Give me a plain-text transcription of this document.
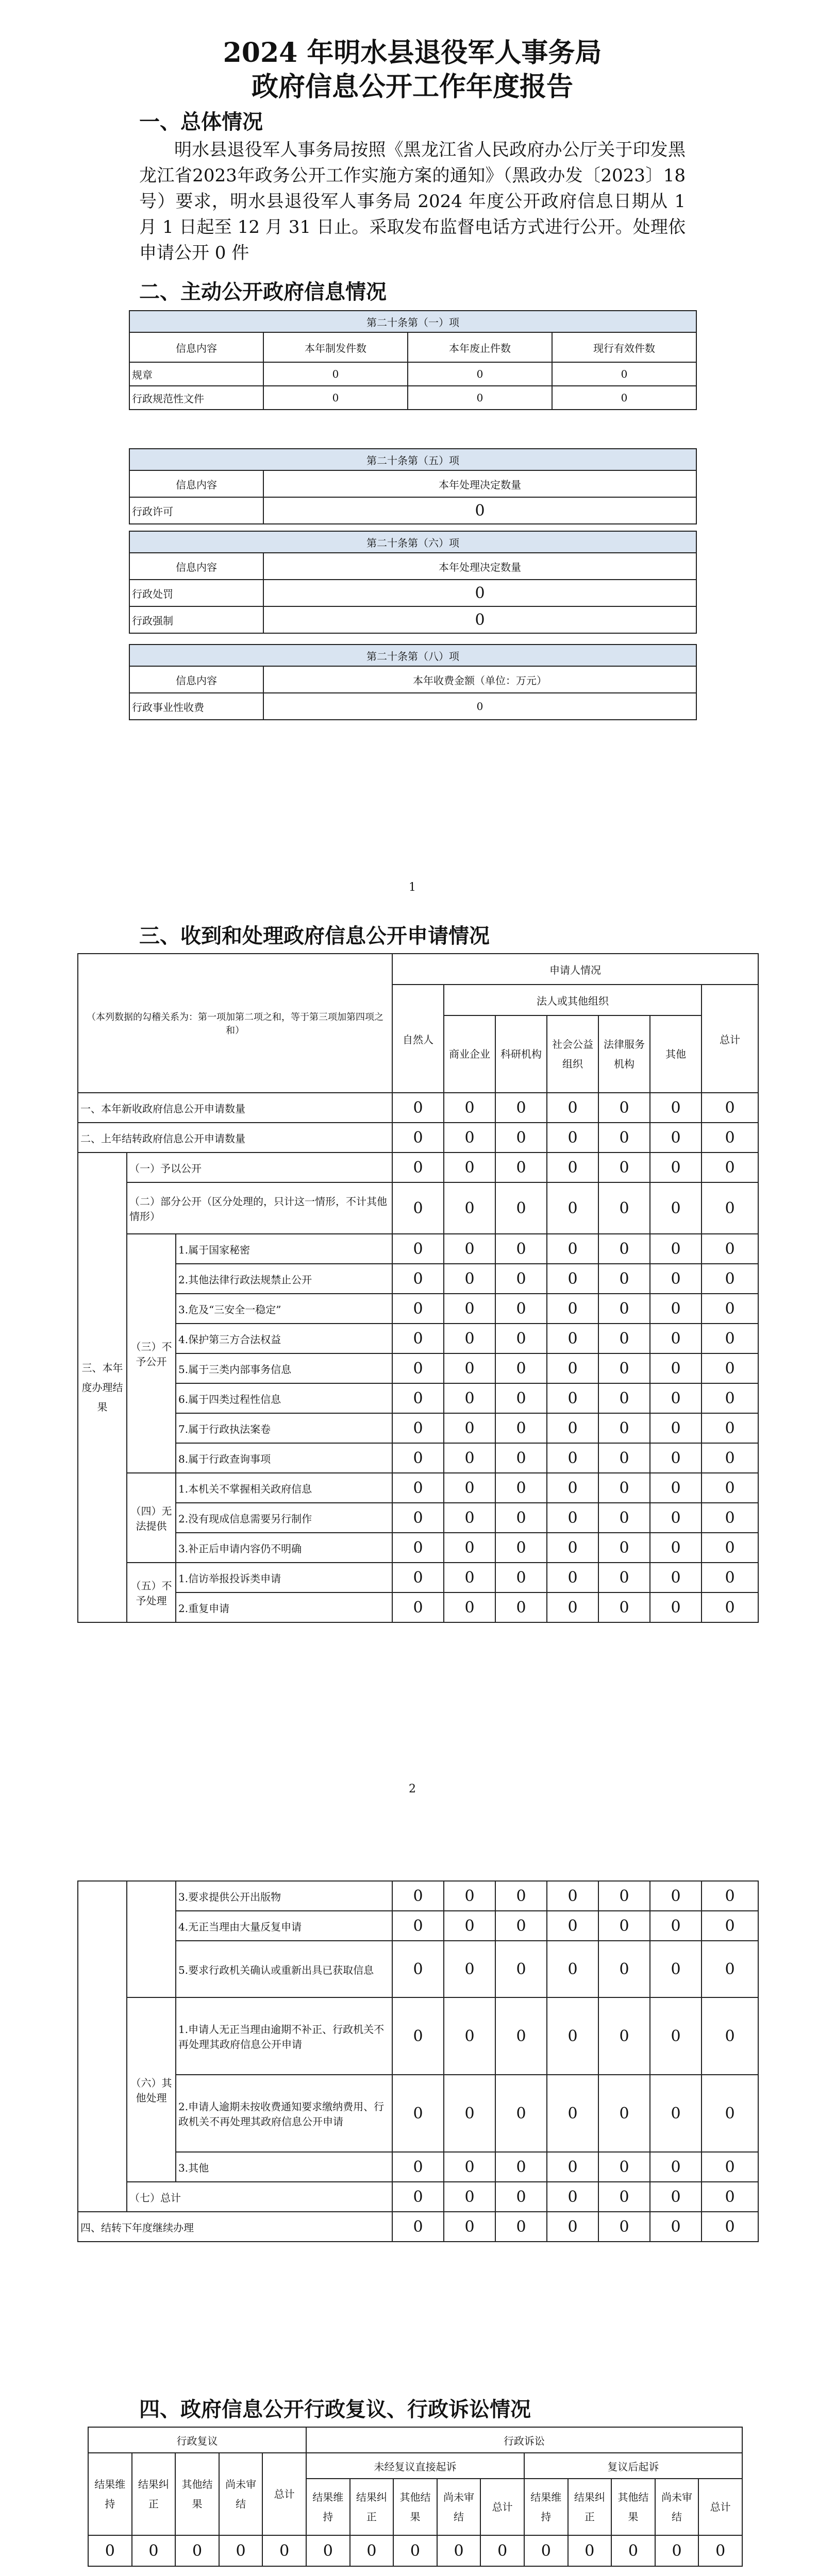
2024 年明水县退役军人事务局
政府信息公开工作年度报告
一、总体情况
明水县退役军人事务局按照《黑龙江省人民政府办公厅关于印发黑龙江省2023年政务公开工作实施方案的通知》（黑政办发〔2023〕18 号）要求，明水县退役军人事务局 2024 年度公开政府信息日期从 1 月 1 日起至 12 月 31 日止。采取发布监督电话方式进行公开。处理依申请公开 0 件
二、主动公开政府信息情况
第二十条第（一）项			
信息内容	本年制发件数	本年废止件数	现行有效件数
规章	0	0	0
行政规范性文件	0	0	0
第二十条第（五）项	
信息内容	本年处理决定数量
行政许可	0
第二十条第（六）项	
信息内容	本年处理决定数量
行政处罚	0
行政强制	0
第二十条第（八）项	
信息内容	本年收费金额（单位：万元）
行政事业性收费	0
1
三、收到和处理政府信息公开申请情况
（本列数据的勾稽关系为：第一项加第二项之和，等于第三项加第四项之和）			申请人情况						
			自然人	法人或其他组织					总计
				商业企业	科研机构	社会公益组织	法律服务机构	其他	
一、本年新收政府信息公开申请数量			0	0	0	0	0	0	0
二、上年结转政府信息公开申请数量			0	0	0	0	0	0	0
三、本年度办理结果	（一）予以公开		0	0	0	0	0	0	0
	（二）部分公开（区分处理的，只计这一情形，不计其他情形）		0	0	0	0	0	0	0
	（三）不予公开	1.属于国家秘密	0	0	0	0	0	0	0
		2.其他法律行政法规禁止公开	0	0	0	0	0	0	0
		3.危及“三安全一稳定”	0	0	0	0	0	0	0
		4.保护第三方合法权益	0	0	0	0	0	0	0
		5.属于三类内部事务信息	0	0	0	0	0	0	0
		6.属于四类过程性信息	0	0	0	0	0	0	0
		7.属于行政执法案卷	0	0	0	0	0	0	0
		8.属于行政查询事项	0	0	0	0	0	0	0
	（四）无法提供	1.本机关不掌握相关政府信息	0	0	0	0	0	0	0
		2.没有现成信息需要另行制作	0	0	0	0	0	0	0
		3.补正后申请内容仍不明确	0	0	0	0	0	0	0
	（五）不予处理	1.信访举报投诉类申请	0	0	0	0	0	0	0
		2.重复申请	0	0	0	0	0	0	0
2
		3.要求提供公开出版物	0	0	0	0	0	0	0
		4.无正当理由大量反复申请	0	0	0	0	0	0	0
		5.要求行政机关确认或重新出具已获取信息	0	0	0	0	0	0	0
	（六）其他处理	1.申请人无正当理由逾期不补正、行政机关不再处理其政府信息公开申请	0	0	0	0	0	0	0
		2.申请人逾期未按收费通知要求缴纳费用、行政机关不再处理其政府信息公开申请	0	0	0	0	0	0	0
		3.其他	0	0	0	0	0	0	0
	（七）总计		0	0	0	0	0	0	0
四、结转下年度继续办理			0	0	0	0	0	0	0
四、政府信息公开行政复议、行政诉讼情况
行政复议					行政诉讼									
结果维持	结果纠正	其他结果	尚未审结	总计	未经复议直接起诉					复议后起诉				
					结果维持	结果纠正	其他结果	尚未审结	总计	结果维持	结果纠正	其他结果	尚未审结	总计
0	0	0	0	0	0	0	0	0	0	0	0	0	0	0
